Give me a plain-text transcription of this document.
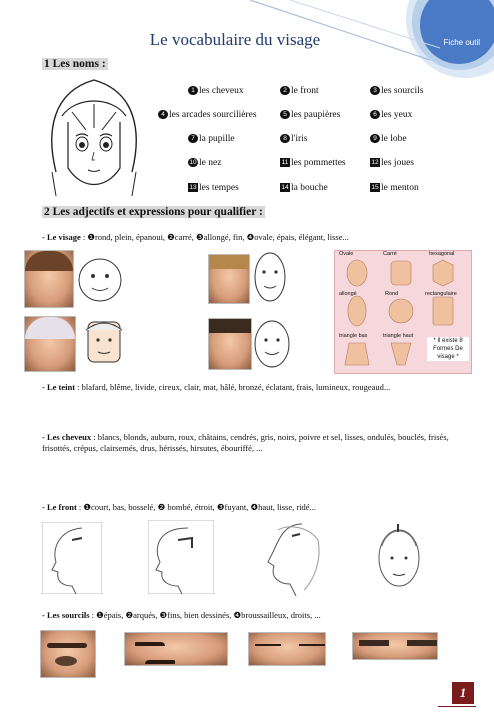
Fiche outil
Le vocabulaire du visage
1 Les noms :
1 les cheveux	2 le front	3 les sourcils
4 les arcades sourcilières	5 les paupières	6 les yeux
7 la pupille	8 l'iris	9 le lobe
10 le nez	11 les pommettes	12 les joues
13 les tempes	14 la bouche	15 le menton
2 Les adjectifs et expressions pour qualifier :
- Le visage : ❶rond, plein, épanoui, ❷carré, ❸allongé, fin, ❹ovale, épais, élégant, lisse...
Ovale	Carré	hexagonal
allongé	Rond	rectangulaire
triangle bas	triangle haut
* Il existe 8 Formes De visage *
- Le teint : blafard, blême, livide, cireux, clair, mat, hâlé, bronzé, éclatant, frais, lumineux, rougeaud...
- Les cheveux : blancs, blonds, auburn, roux, châtains, cendrés, gris, noirs, poivre et sel, lisses, ondulés, bouclés, frisés, frisottés, crépus, clairsemés, drus, hérissés, hirsutes, ébouriffé, ...
- Le front : ❶court, bas, bosselé, ❷ bombé, étroit, ❸fuyant, ❹haut, lisse, ridé...
- Les sourcils : ❶épais, ❷arqués, ❸fins, bien dessinés, ❹broussailleux, droits, ...

1
